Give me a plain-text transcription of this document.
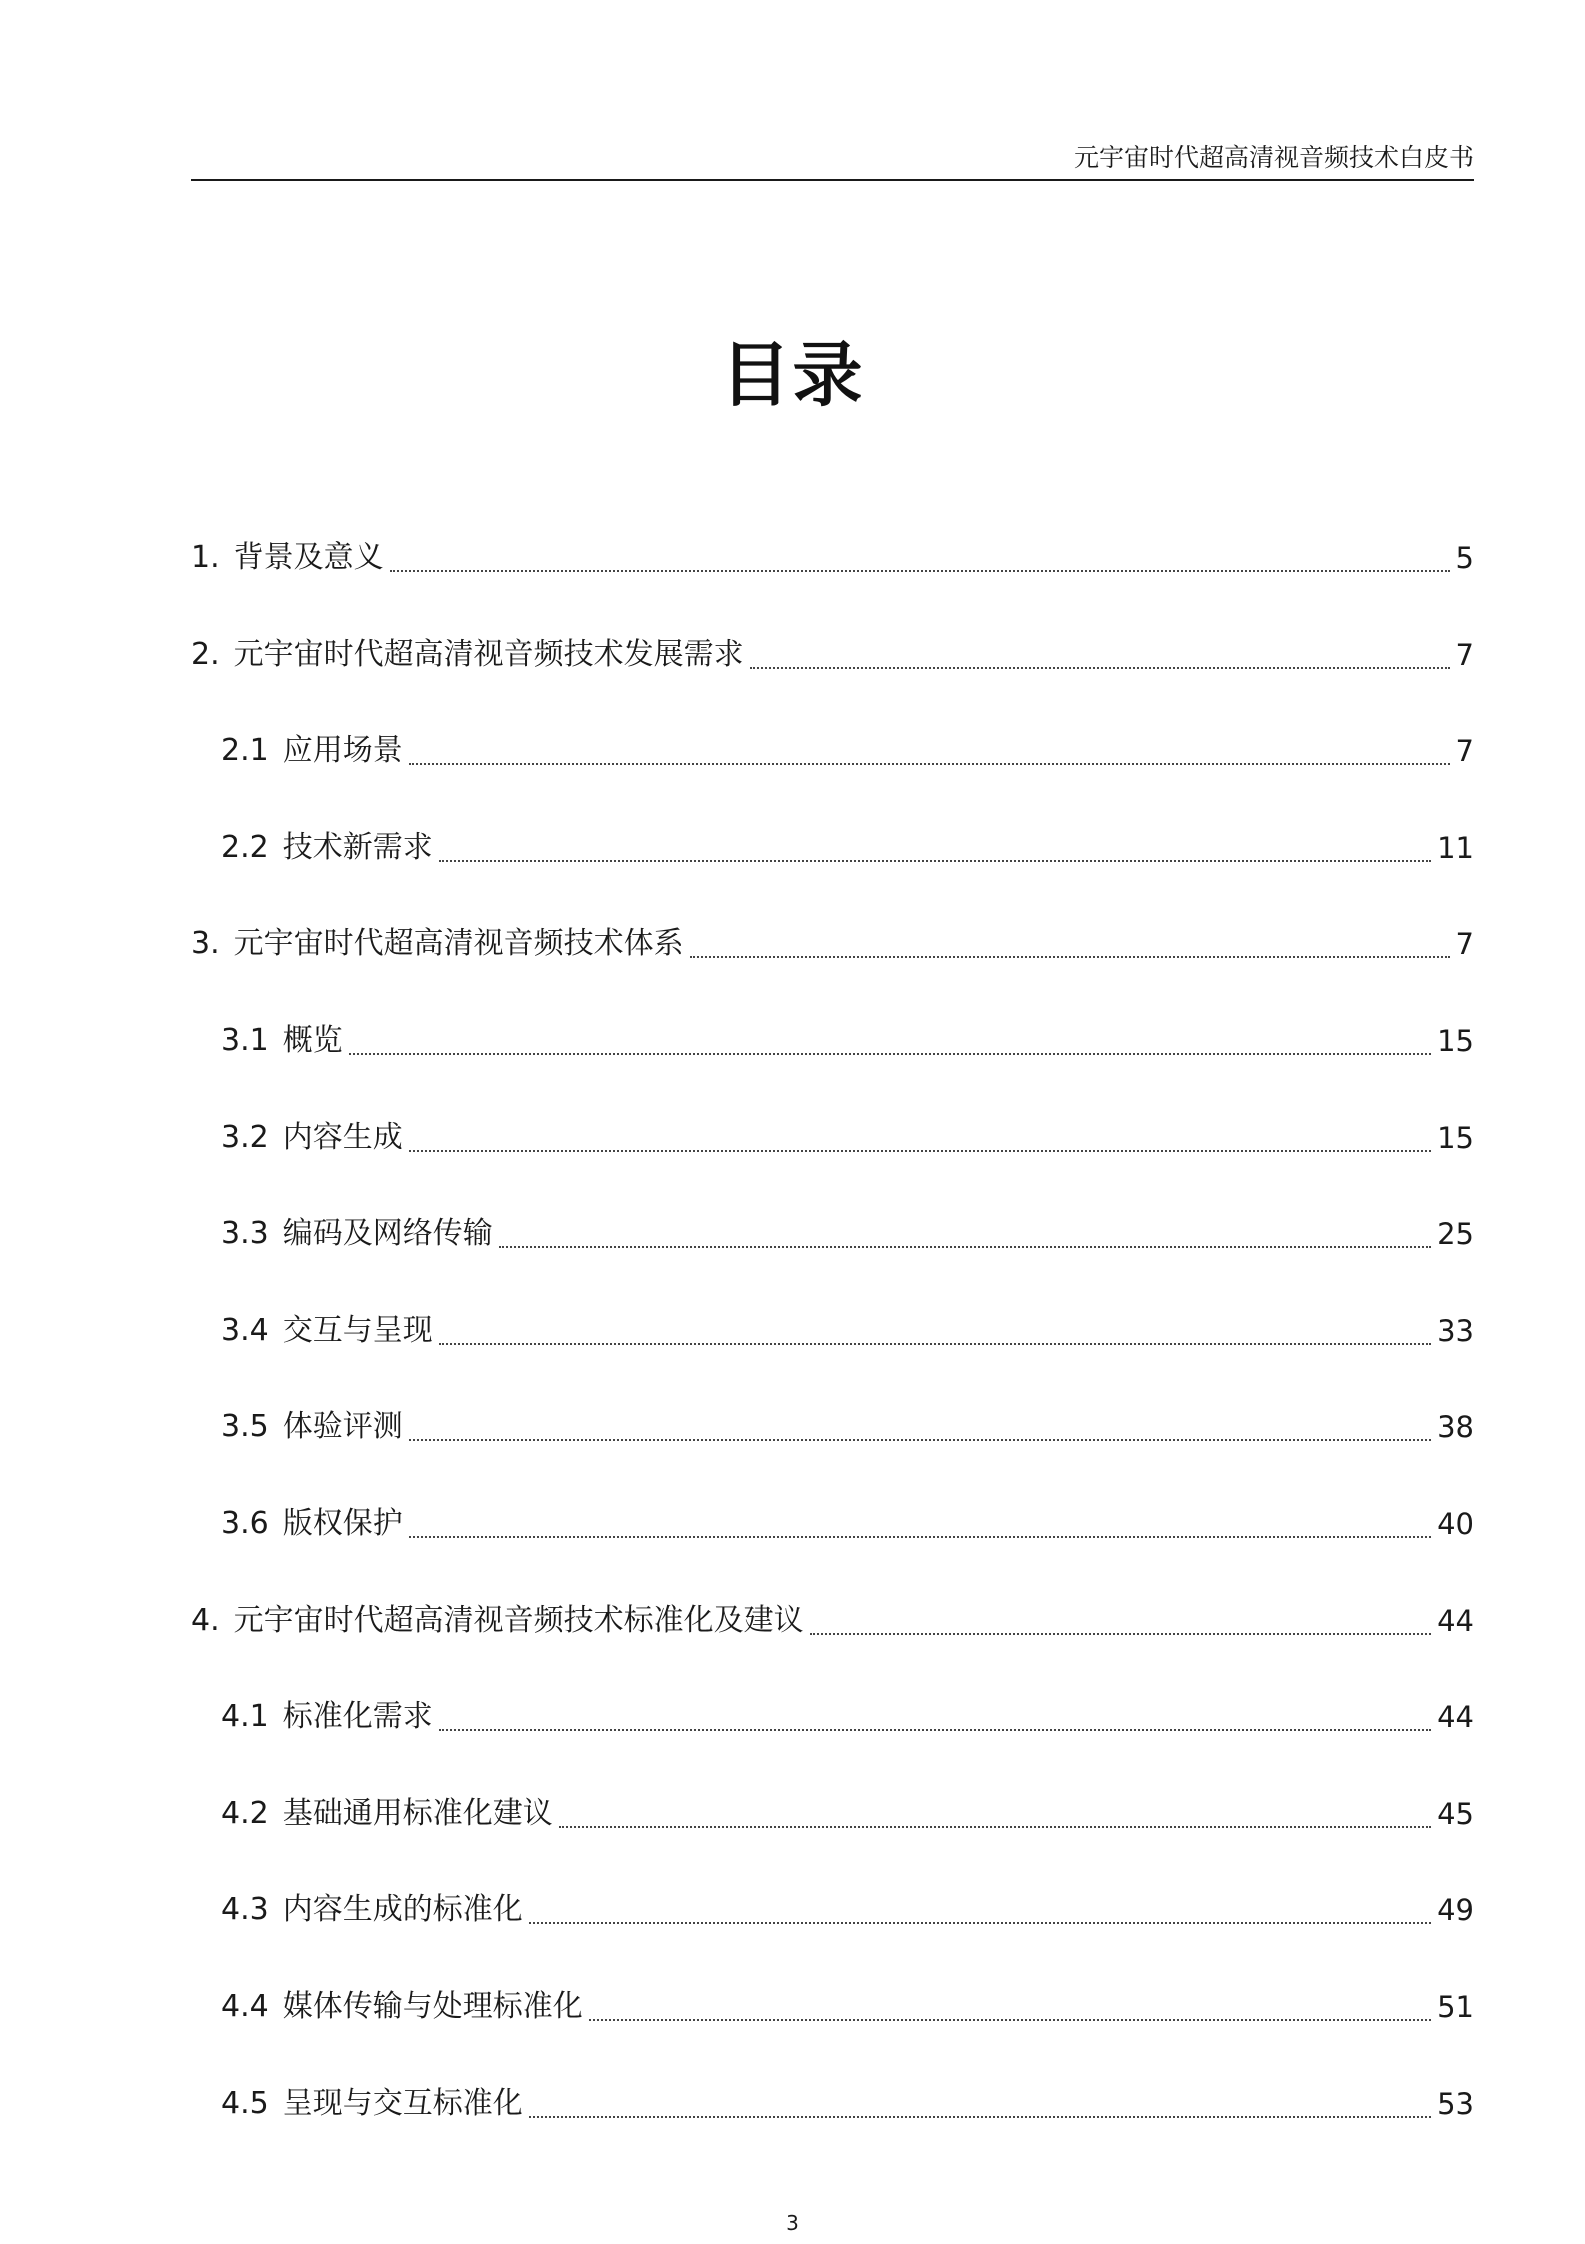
元宇宙时代超高清视音频技术白皮书
目录
1. 背景及意义	5
2. 元宇宙时代超高清视音频技术发展需求	7
2.1 应用场景	7
2.2 技术新需求	11
3. 元宇宙时代超高清视音频技术体系	7
3.1 概览	15
3.2 内容生成	15
3.3 编码及网络传输	25
3.4 交互与呈现	33
3.5 体验评测	38
3.6 版权保护	40
4. 元宇宙时代超高清视音频技术标准化及建议	44
4.1 标准化需求	44
4.2 基础通用标准化建议	45
4.3 内容生成的标准化	49
4.4 媒体传输与处理标准化	51
4.5 呈现与交互标准化	53
3
